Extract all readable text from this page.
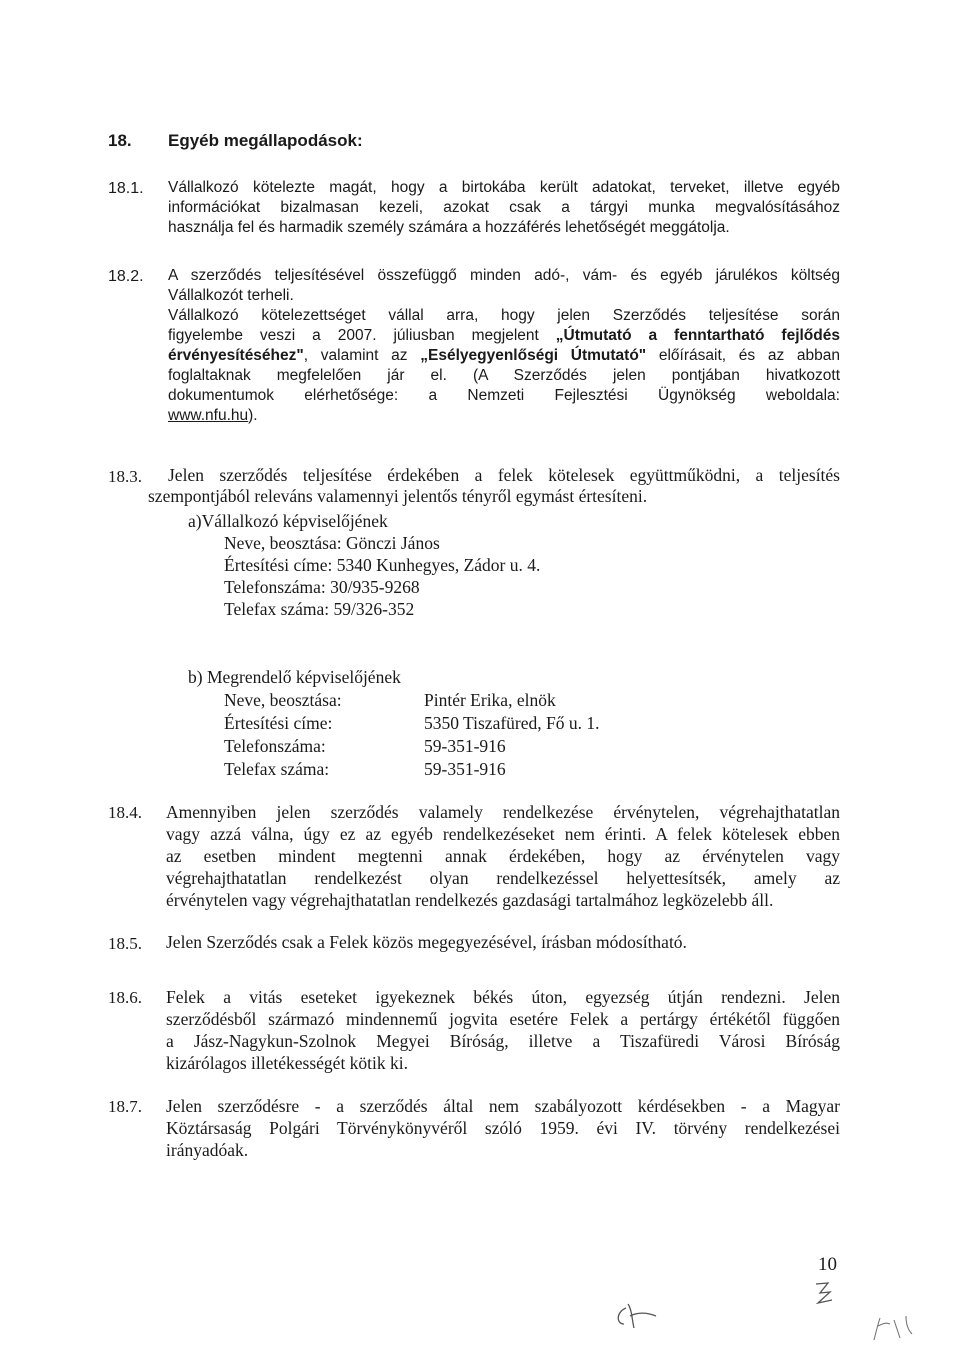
18. Egyéb megállapodások:
18.1. Vállalkozó kötelezte magát, hogy a birtokába került adatokat, terveket, illetve egyéb
információkat bizalmasan kezeli, azokat csak a tárgyi munka megvalósításához
használja fel és harmadik személy számára a hozzáférés lehetőségét meggátolja.
18.2. A szerződés teljesítésével összefüggő minden adó-, vám- és egyéb járulékos költség
Vállalkozót terheli.
Vállalkozó kötelezettséget vállal arra, hogy jelen Szerződés teljesítése során
figyelembe veszi a 2007. júliusban megjelent „Útmutató a fenntartható fejlődés
érvényesítéséhez", valamint az „Esélyegyenlőségi Útmutató" előírásait, és az abban
foglaltaknak megfelelően jár el. (A Szerződés jelen pontjában hivatkozott
dokumentumok elérhetősége: a Nemzeti Fejlesztési Ügynökség weboldala:
www.nfu.hu).
18.3.	Jelen szerződés teljesítése érdekében a felek kötelesek együttműködni, a teljesítés
szempontjából releváns valamennyi jelentős tényről egymást értesíteni.
a)Vállalkozó képviselőjének
Neve, beosztása: Gönczi János
Értesítési címe: 5340 Kunhegyes, Zádor u. 4.
Telefonszáma: 30/935-9268
Telefax száma: 59/326-352
b) Megrendelő képviselőjének
Neve, beosztása:	Pintér Erika, elnök
Értesítési címe:	5350 Tiszafüred, Fő u. 1.
Telefonszáma:	59-351-916
Telefax száma:	59-351-916
18.4. Amennyiben jelen szerződés valamely rendelkezése érvénytelen, végrehajthatatlan
vagy azzá válna, úgy ez az egyéb rendelkezéseket nem érinti. A felek kötelesek ebben
az esetben mindent megtenni annak érdekében, hogy az érvénytelen vagy
végrehajthatatlan rendelkezést olyan rendelkezéssel helyettesítsék, amely az
érvénytelen vagy végrehajthatatlan rendelkezés gazdasági tartalmához legközelebb áll.
18.5. Jelen Szerződés csak a Felek közös megegyezésével, írásban módosítható.
18.6. Felek a vitás eseteket igyekeznek békés úton, egyezség útján rendezni. Jelen
szerződésből származó mindennemű jogvita esetére Felek a pertárgy értékétől függően
a Jász-Nagykun-Szolnok Megyei Bíróság, illetve a Tiszafüredi Városi Bíróság
kizárólagos illetékességét kötik ki.
18.7. Jelen szerződésre - a szerződés által nem szabályozott kérdésekben - a Magyar
Köztársaság Polgári Törvénykönyvéről szóló 1959. évi IV. törvény rendelkezései
irányadóak.
10
